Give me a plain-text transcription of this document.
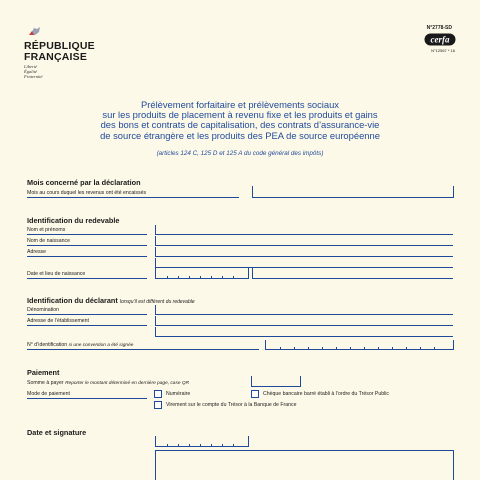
RÉPUBLIQUE
FRANÇAISE
Liberté
Égalité
Fraternité
N°2778-SD
cerfa
N°12567 * 16
Prélèvement forfaitaire et prélèvements sociaux
sur les produits de placement à revenu fixe et les produits et gains
des bons et contrats de capitalisation, des contrats d’assurance-vie
de source étrangère et les produits des PEA de source européenne
(articles 124 C, 125 D et 125 A du code général des impôts)
Mois concerné par la déclaration
Mois au cours duquel les revenus ont été encaissés
Identification du redevable
Nom et prénoms
Nom de naissance
Adresse
Date et lieu de naissance
Identification du déclarant lorsqu’il est différent du redevable
Dénomination
Adresse de l’établissement
N° d’identification si une convention a été signée
Paiement
Somme à payer Reporter le montant déterminé en dernière page, case QR
Mode de paiement	Numéraire	Chèque bancaire barré établi à l’ordre du Trésor Public
Virement sur le compte du Trésor à la Banque de France
Date et signature
